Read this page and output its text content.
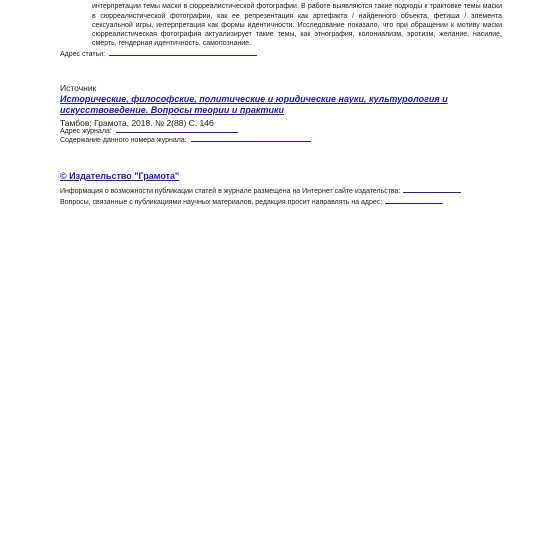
интерпретации темы маски в сюрреалистической фотографии. В работе выявляются такие подходы к трактовке темы маски в сюрреалистической фотографии, как ее репрезентация как артефакта / найденного объекта, фетиша / элемента сексуальной игры, интерпретация как формы идентичности. Исследование показало, что при обращении к мотиву маски сюрреалистическая фотография актуализирует такие темы, как этнография, колониализм, эротизм, желание, насилие, смерть, гендерная идентичность, самопознание.

Адрес статьи:

Источник

Исторические, философские, политические и юридические науки, культурология и искусствоведение. Вопросы теории и практики

Тамбов: Грамота, 2018. № 2(88) C. 146

Адрес журнала:
Содержание данного номера журнала:
© Издательство "Грамота"
Информация о возможности публикации статей в журнале размещена на Интернет сайте издательства:
Вопросы, связанные с публикациями научных материалов, редакция просит направлять на адрес:
